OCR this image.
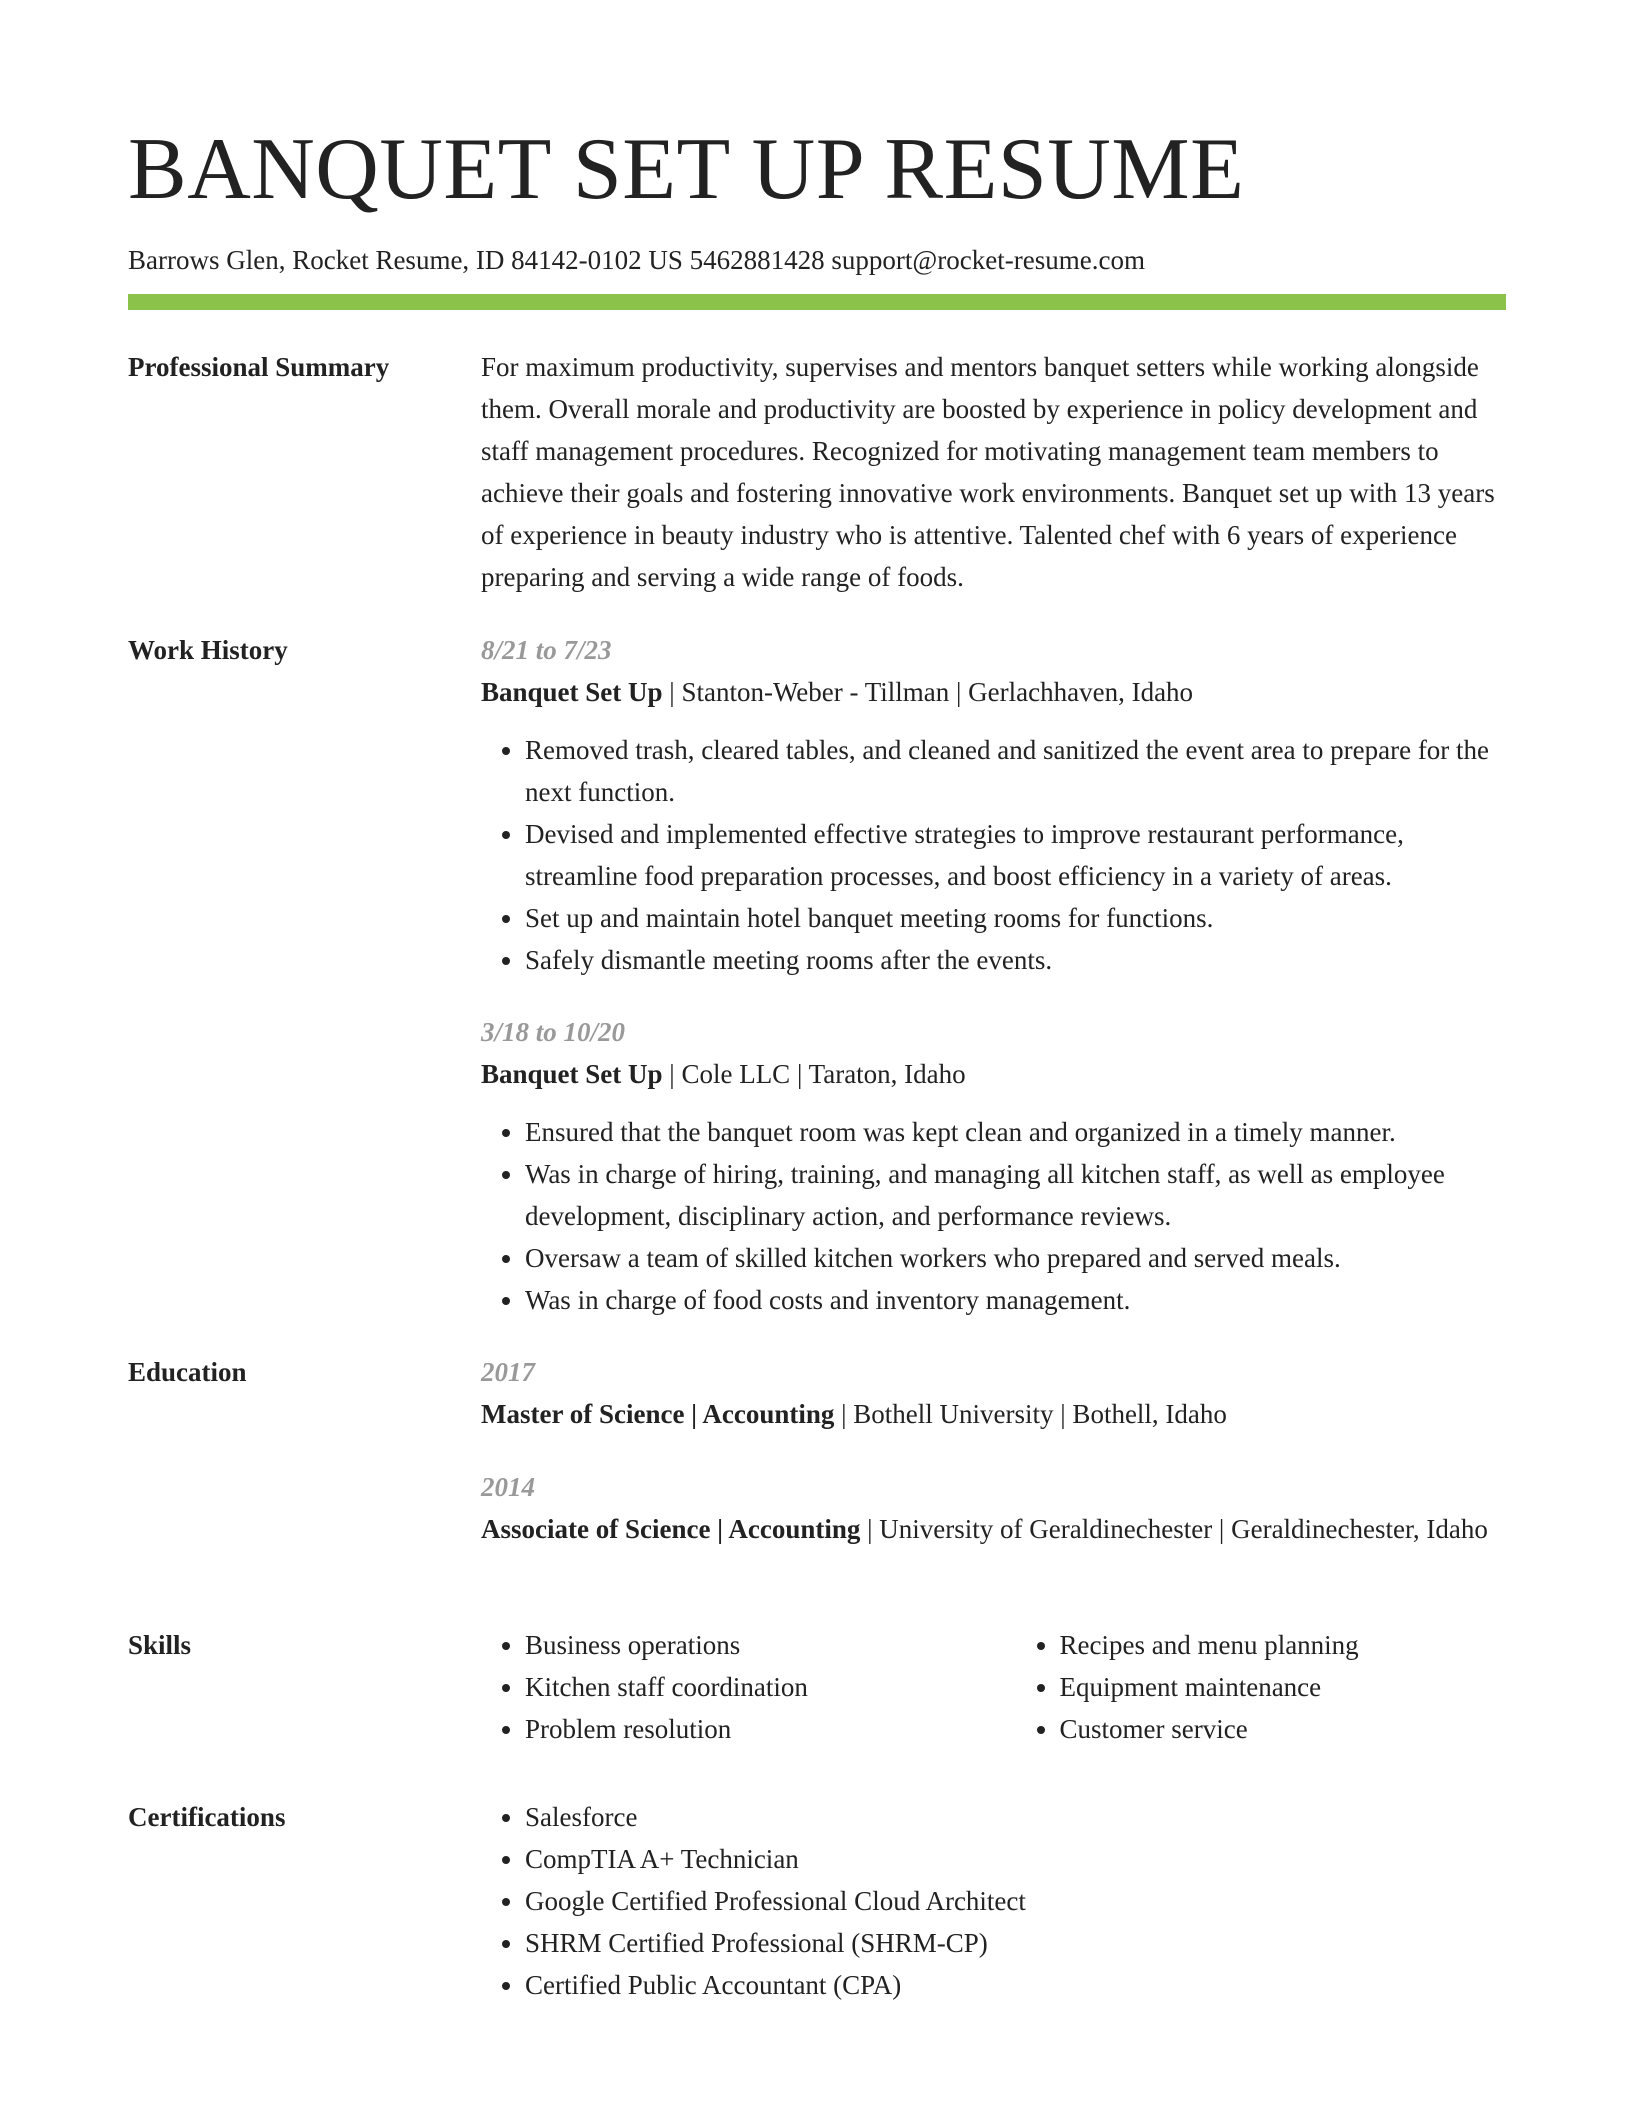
BANQUET SET UP RESUME
Barrows Glen, Rocket Resume, ID 84142-0102 US 5462881428 support@rocket-resume.com
Professional Summary	For maximum productivity, supervises and mentors banquet setters while working alongside them. Overall morale and productivity are boosted by experience in policy development and staff management procedures. Recognized for motivating management team members to achieve their goals and fostering innovative work environments. Banquet set up with 13 years of experience in beauty industry who is attentive. Talented chef with 6 years of experience preparing and serving a wide range of foods.

Work History	8/21 to 7/23
Banquet Set Up | Stanton-Weber - Tillman | Gerlachhaven, Idaho
• Removed trash, cleared tables, and cleaned and sanitized the event area to prepare for the next function.
• Devised and implemented effective strategies to improve restaurant performance, streamline food preparation processes, and boost efficiency in a variety of areas.
• Set up and maintain hotel banquet meeting rooms for functions.
• Safely dismantle meeting rooms after the events.
3/18 to 10/20
Banquet Set Up | Cole LLC | Taraton, Idaho
• Ensured that the banquet room was kept clean and organized in a timely manner.
• Was in charge of hiring, training, and managing all kitchen staff, as well as employee development, disciplinary action, and performance reviews.
• Oversaw a team of skilled kitchen workers who prepared and served meals.
• Was in charge of food costs and inventory management.
Education	2017
Master of Science | Accounting | Bothell University | Bothell, Idaho
2014
Associate of Science | Accounting | University of Geraldinechester | Geraldinechester, Idaho
Skills	• Business operations
• Kitchen staff coordination
• Problem resolution
• Recipes and menu planning
• Equipment maintenance
• Customer service
Certifications	• Salesforce
• CompTIA A+ Technician
• Google Certified Professional Cloud Architect
• SHRM Certified Professional (SHRM-CP)
• Certified Public Accountant (CPA)
